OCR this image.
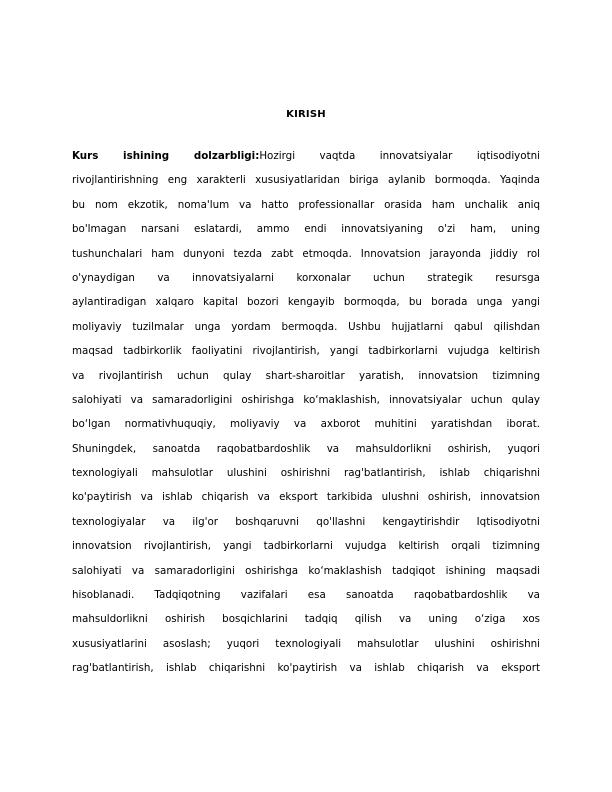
KIRISH
Kurs ishining dolzarbligi:Hozirgi vaqtda innovatsiyalar iqtisodiyotni
rivojlantirishning eng xarakterli xususiyatlaridan biriga aylanib bormoqda. Yaqinda
bu nom ekzotik, noma'lum va hatto professionallar orasida ham unchalik aniq
bo'lmagan narsani eslatardi, ammo endi innovatsiyaning o'zi ham, uning
tushunchalari ham dunyoni tezda zabt etmoqda. Innovatsion jarayonda jiddiy rol
o'ynaydigan va innovatsiyalarni korxonalar uchun strategik resursga
aylantiradigan xalqaro kapital bozori kengayib bormoqda, bu borada unga yangi
moliyaviy tuzilmalar unga yordam bermoqda. Ushbu hujjatlarni qabul qilishdan
maqsad tadbirkorlik faoliyatini rivojlantirish, yangi tadbirkorlarni vujudga keltirish
va rivojlantirish uchun qulay shart-sharoitlar yaratish, innovatsion tizimning
salohiyati va samaradorligini oshirishga ko‘maklashish, innovatsiyalar uchun qulay
bo‘lgan normativhuquqiy, moliyaviy va axborot muhitini yaratishdan iborat.
Shuningdek, sanoatda raqobatbardoshlik va mahsuldorlikni oshirish, yuqori
texnologiyali mahsulotlar ulushini oshirishni rag'batlantirish, ishlab chiqarishni
ko'paytirish va ishlab chiqarish va eksport tarkibida ulushni oshirish, innovatsion
texnologiyalar va ilg'or boshqaruvni qo'llashni kengaytirishdir Iqtisodiyotni
innovatsion rivojlantirish, yangi tadbirkorlarni vujudga keltirish orqali tizimning
salohiyati va samaradorligini oshirishga ko‘maklashish tadqiqot ishining maqsadi
hisoblanadi. Tadqiqotning vazifalari esa sanoatda raqobatbardoshlik va
mahsuldorlikni oshirish bosqichlarini tadqiq qilish va uning o‘ziga xos
xususiyatlarini asoslash; yuqori texnologiyali mahsulotlar ulushini oshirishni
rag'batlantirish, ishlab chiqarishni ko'paytirish va ishlab chiqarish va eksport
